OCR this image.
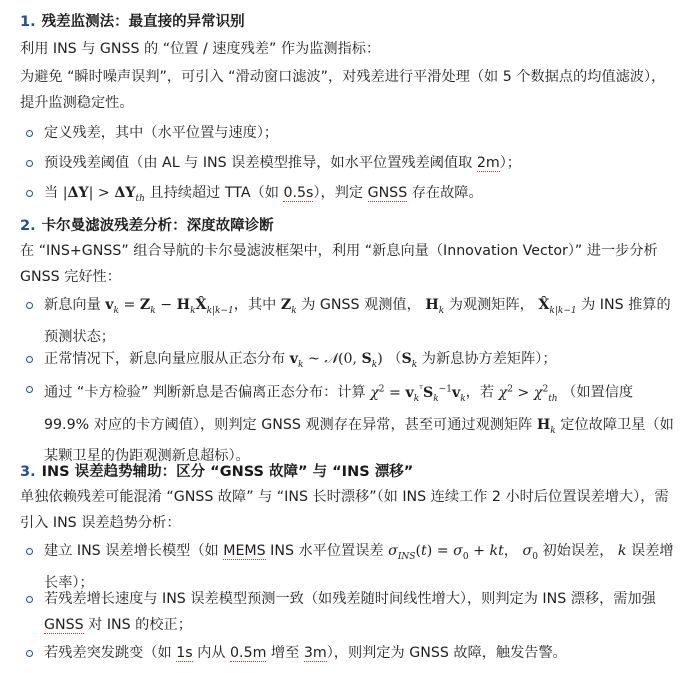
1. 残差监测法：最直接的异常识别
利用 INS 与 GNSS 的 “位置 / 速度残差” 作为监测指标：
为避免 “瞬时噪声误判”，可引入 “滑动窗口滤波”，对残差进行平滑处理（如 5 个数据点的均值滤波），提升监测稳定性。
定义残差，其中（水平位置与速度）；
预设残差阈值（由 AL 与 INS 误差模型推导，如水平位置残差阈值取 2m）；
当 $|\Delta Y| > \Delta Y_{th}$ 且持续超过 TTA（如 0.5s），判定 GNSS 存在故障。
2. 卡尔曼滤波残差分析：深度故障诊断
在 “INS+GNSS” 组合导航的卡尔曼滤波框架中，利用 “新息向量（Innovation Vector）” 进一步分析 GNSS 完好性：
新息向量 $v_k = Z_k$ − $H_kX̂_{k|k-1}$，其中 $Z_k$ 为 GNSS 观测值， $H_k$ 为观测矩阵， $X̂_{k|k-1}$ 为 INS 推算的预测状态；
正常情况下，新息向量应服从正态分布 $v_k$ ~ 𝒩(0, $S_k$) （$S_k$ 为新息协方差矩阵）；
通过 “卡方检验” 判断新息是否偏离正态分布：计算 $\chi^2 = v_k^ᵀS_k^{-1}v_k$，若 $\chi^2 > \chi^2_{th}$ （如置信度 99.9% 对应的卡方阈值），则判定 GNSS 观测存在异常，甚至可通过观测矩阵 $H_k$ 定位故障卫星（如某颗卫星的伪距观测新息超标）。
3. INS 误差趋势辅助：区分 “GNSS 故障” 与 “INS 漂移”
单独依赖残差可能混淆 “GNSS 故障” 与 “INS 长时漂移”（如 INS 连续工作 2 小时后位置误差增大），需引入 INS 误差趋势分析：
建立 INS 误差增长模型（如 MEMS INS 水平位置误差 $\sigma_{INS}(t) = \sigma_0$ + kt， $\sigma_0$ 初始误差， k 误差增长率）；
若残差增长速度与 INS 误差模型预测一致（如残差随时间线性增大），则判定为 INS 漂移，需加强 GNSS 对 INS 的校正；
若残差突发跳变（如 1s 内从 0.5m 增至 3m），则判定为 GNSS 故障，触发告警。
